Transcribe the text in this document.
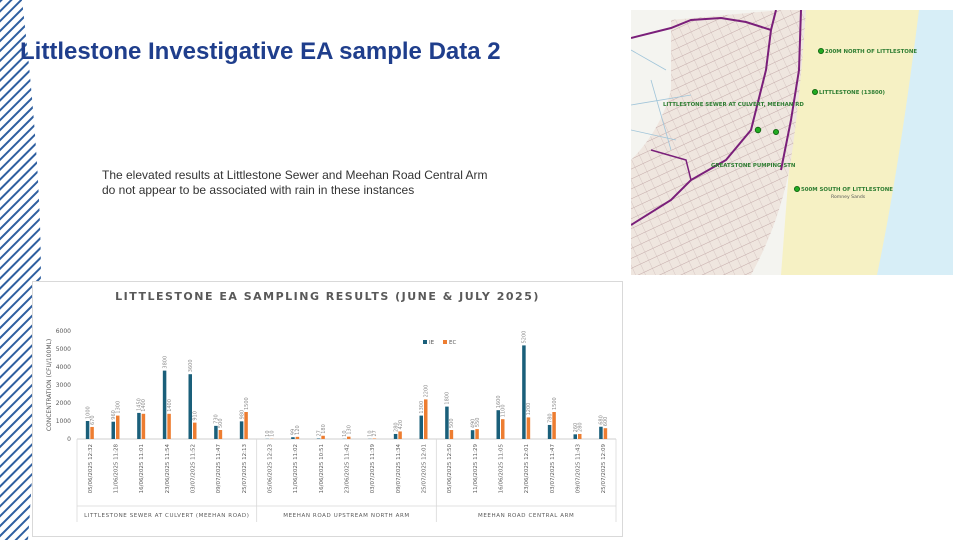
Littlestone Investigative EA sample Data 2
The elevated results at Littlestone Sewer and Meehan Road Central Arm
do not appear to be associated with rain in these instances
200M NORTH OF LITTLESTONE
LITTLESTONE (13800)
LITTLESTONE SEWER AT CULVERT, MEEHAN RD
GREATSTONE PUMPING STN
500M SOUTH OF LITTLESTONE
Romney Sands
LITTLESTONE EA SAMPLING RESULTS (JUNE & JULY 2025)
CONCENTRATION (CFU/100ML)
0
1000
2000
3000
4000
5000
6000
IE	EC
1000
670
05/06/2025 12:32
960
1300
11/06/2025 11:28
1450
1400
16/06/2025 11:01
3800
1400
23/06/2025 11:54
3600
910
03/07/2025 11:52
730
500
09/07/2025 11:47
980
1500
25/07/2025 12:13
LITTLESTONE SEWER AT CULVERT (MEEHAN ROAD)
10
10
05/06/2025 12:23
99
120
11/06/2025 11:02
27
180
16/06/2025 10:51
10
130
23/06/2025 11:42
10
27
03/07/2025 11:39
280
420
09/07/2025 11:34
1300
2200
25/07/2025 12:01
MEEHAN ROAD UPSTREAM NORTH ARM
1800
500
05/06/2025 12:50
490
550
11/06/2025 11:29
1600
1100
16/06/2025 11:05
5200
1200
23/06/2025 12:01
780
1500
03/07/2025 11:47
260
280
09/07/2025 11:43
680
600
25/07/2025 12:09
MEEHAN ROAD CENTRAL ARM
